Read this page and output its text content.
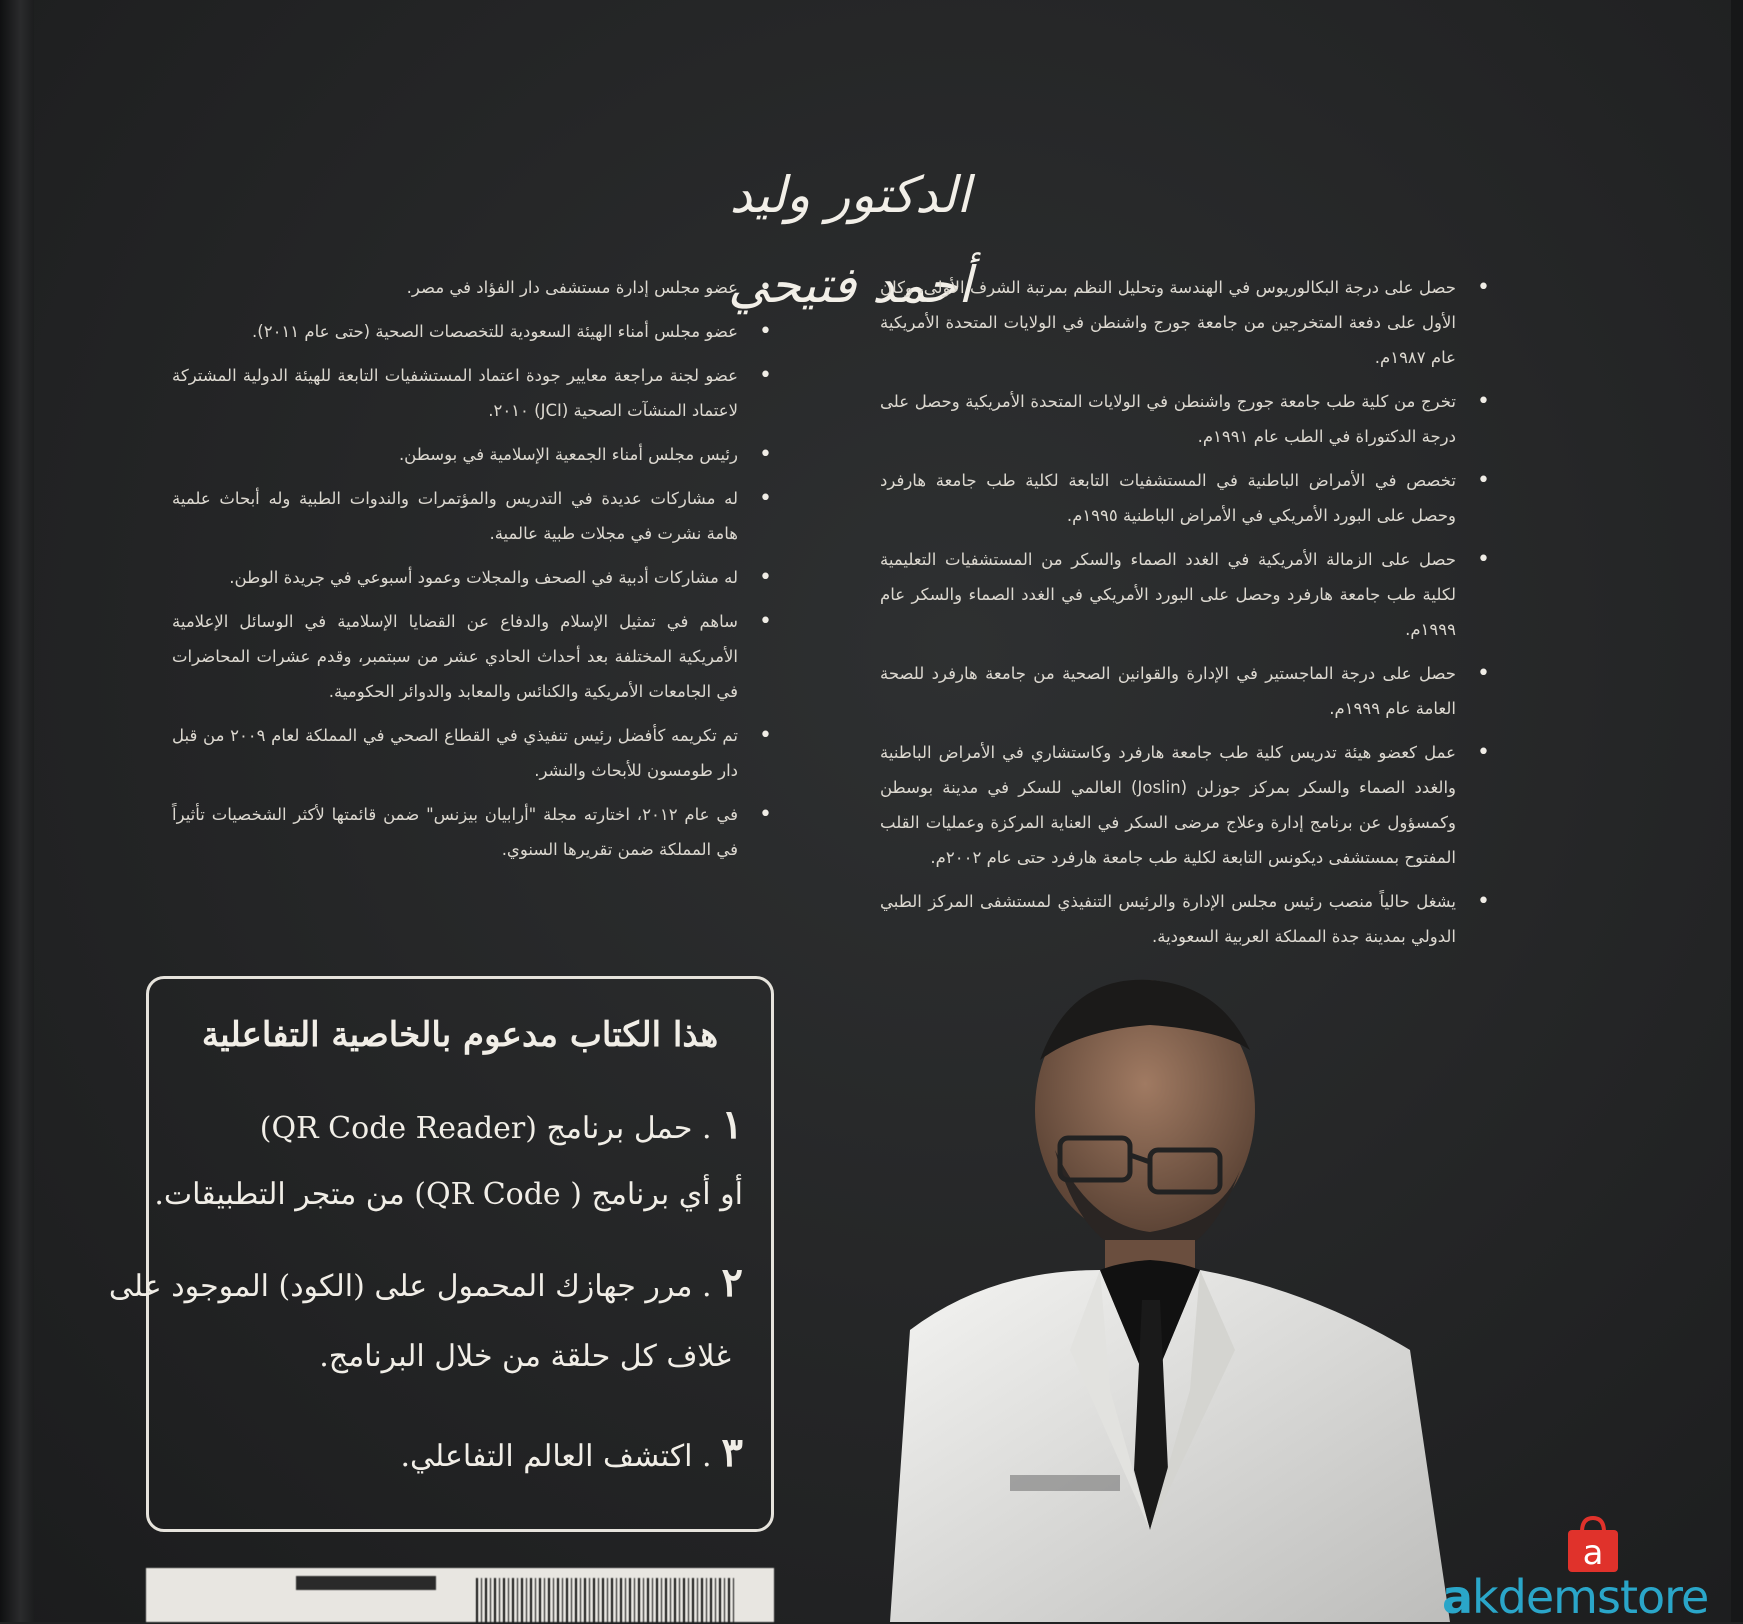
الدكتور وليد أحمد فتيحي
• حصل على درجة البكالوريوس في الهندسة وتحليل النظم بمرتبة الشرف الأولى، وكان الأول على دفعة المتخرجين من جامعة جورج واشنطن في الولايات المتحدة الأمريكية عام ١٩٨٧م.
• تخرج من كلية طب جامعة جورج واشنطن في الولايات المتحدة الأمريكية وحصل على درجة الدكتوراة في الطب عام ١٩٩١م.
• تخصص في الأمراض الباطنية في المستشفيات التابعة لكلية طب جامعة هارفرد وحصل على البورد الأمريكي في الأمراض الباطنية ١٩٩٥م.
• حصل على الزمالة الأمريكية في الغدد الصماء والسكر من المستشفيات التعليمية لكلية طب جامعة هارفرد وحصل على البورد الأمريكي في الغدد الصماء والسكر عام ١٩٩٩م.
• حصل على درجة الماجستير في الإدارة والقوانين الصحية من جامعة هارفرد للصحة العامة عام ١٩٩٩م.
• عمل كعضو هيئة تدريس كلية طب جامعة هارفرد وكاستشاري في الأمراض الباطنية والغدد الصماء والسكر بمركز جوزلن (Joslin) العالمي للسكر في مدينة بوسطن وكمسؤول عن برنامج إدارة وعلاج مرضى السكر في العناية المركزة وعمليات القلب المفتوح بمستشفى ديكونس التابعة لكلية طب جامعة هارفرد حتى عام ٢٠٠٢م.
• يشغل حالياً منصب رئيس مجلس الإدارة والرئيس التنفيذي لمستشفى المركز الطبي الدولي بمدينة جدة المملكة العربية السعودية.
• عضو مجلس إدارة مستشفى دار الفؤاد في مصر.
• عضو مجلس أمناء الهيئة السعودية للتخصصات الصحية (حتى عام ٢٠١١).
• عضو لجنة مراجعة معايير جودة اعتماد المستشفيات التابعة للهيئة الدولية المشتركة لاعتماد المنشآت الصحية (JCI) ٢٠١٠.
• رئيس مجلس أمناء الجمعية الإسلامية في بوسطن.
• له مشاركات عديدة في التدريس والمؤتمرات والندوات الطبية وله أبحاث علمية هامة نشرت في مجلات طبية عالمية.
• له مشاركات أدبية في الصحف والمجلات وعمود أسبوعي في جريدة الوطن.
• ساهم في تمثيل الإسلام والدفاع عن القضايا الإسلامية في الوسائل الإعلامية الأمريكية المختلفة بعد أحداث الحادي عشر من سبتمبر، وقدم عشرات المحاضرات في الجامعات الأمريكية والكنائس والمعابد والدوائر الحكومية.
• تم تكريمه كأفضل رئيس تنفيذي في القطاع الصحي في المملكة لعام ٢٠٠٩ من قبل دار طومسون للأبحاث والنشر.
• في عام ٢٠١٢، اختارته مجلة "أرابيان بيزنس" ضمن قائمتها لأكثر الشخصيات تأثيراً في المملكة ضمن تقريرها السنوي.
هذا الكتاب مدعوم بالخاصية التفاعلية
١. حمل برنامج (QR Code Reader)
أو أي برنامج ( QR Code) من متجر التطبيقات.
٢. مرر جهازك المحمول على (الكود) الموجود على
غلاف كل حلقة من خلال البرنامج.
٣. اكتشف العالم التفاعلي.
a
akdemstore
